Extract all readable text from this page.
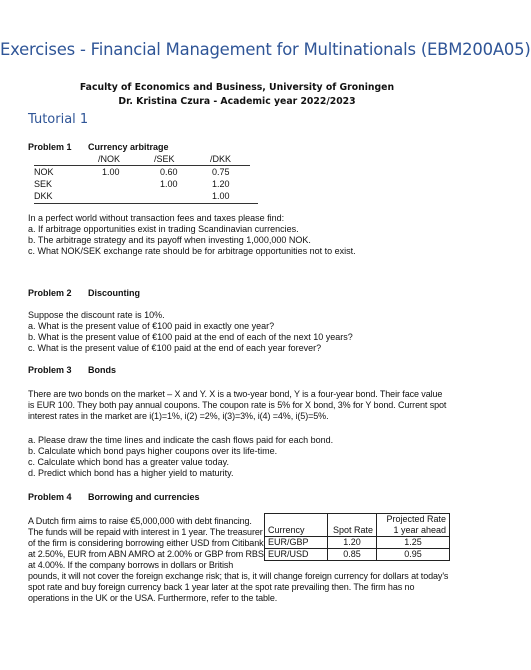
Exercises - Financial Management for Multinationals (EBM200A05)
Faculty of Economics and Business, University of Groningen
Dr. Kristina Czura - Academic year 2022/2023
Tutorial 1
Problem 1 Currency arbitrage
	/NOK	/SEK	/DKK
NOK	1.00	0.60	0.75
SEK		1.00	1.20
DKK			1.00
In a perfect world without transaction fees and taxes please find:
a. If arbitrage opportunities exist in trading Scandinavian currencies.
b. The arbitrage strategy and its payoff when investing 1,000,000 NOK.
c. What NOK/SEK exchange rate should be for arbitrage opportunities not to exist.
Problem 2 Discounting
Suppose the discount rate is 10%.
a. What is the present value of €100 paid in exactly one year?
b. What is the present value of €100 paid at the end of each of the next 10 years?
c. What is the present value of €100 paid at the end of each year forever?
Problem 3 Bonds
There are two bonds on the market – X and Y. X is a two-year bond, Y is a four-year bond. Their face value
is EUR 100. They both pay annual coupons. The coupon rate is 5% for X bond, 3% for Y bond. Current spot
interest rates in the market are i(1)=1%, i(2) =2%, i(3)=3%, i(4) =4%, i(5)=5%.
a. Please draw the time lines and indicate the cash flows paid for each bond.
b. Calculate which bond pays higher coupons over its life-time.
c. Calculate which bond has a greater value today.
d. Predict which bond has a higher yield to maturity.
Problem 4 Borrowing and currencies
A Dutch firm aims to raise €5,000,000 with debt financing.
The funds will be repaid with interest in 1 year. The treasurer
of the firm is considering borrowing either USD from Citibank
at 2.50%, EUR from ABN AMRO at 2.00% or GBP from RBS
at 4.00%. If the company borrows in dollars or British
pounds, it will not cover the foreign exchange risk; that is, it will change foreign currency for dollars at today's
spot rate and buy foreign currency back 1 year later at the spot rate prevailing then. The firm has no
operations in the UK or the USA. Furthermore, refer to the table.
Currency	Spot Rate	Projected Rate
		1 year ahead
EUR/GBP	1.20	1.25
EUR/USD	0.85	0.95
